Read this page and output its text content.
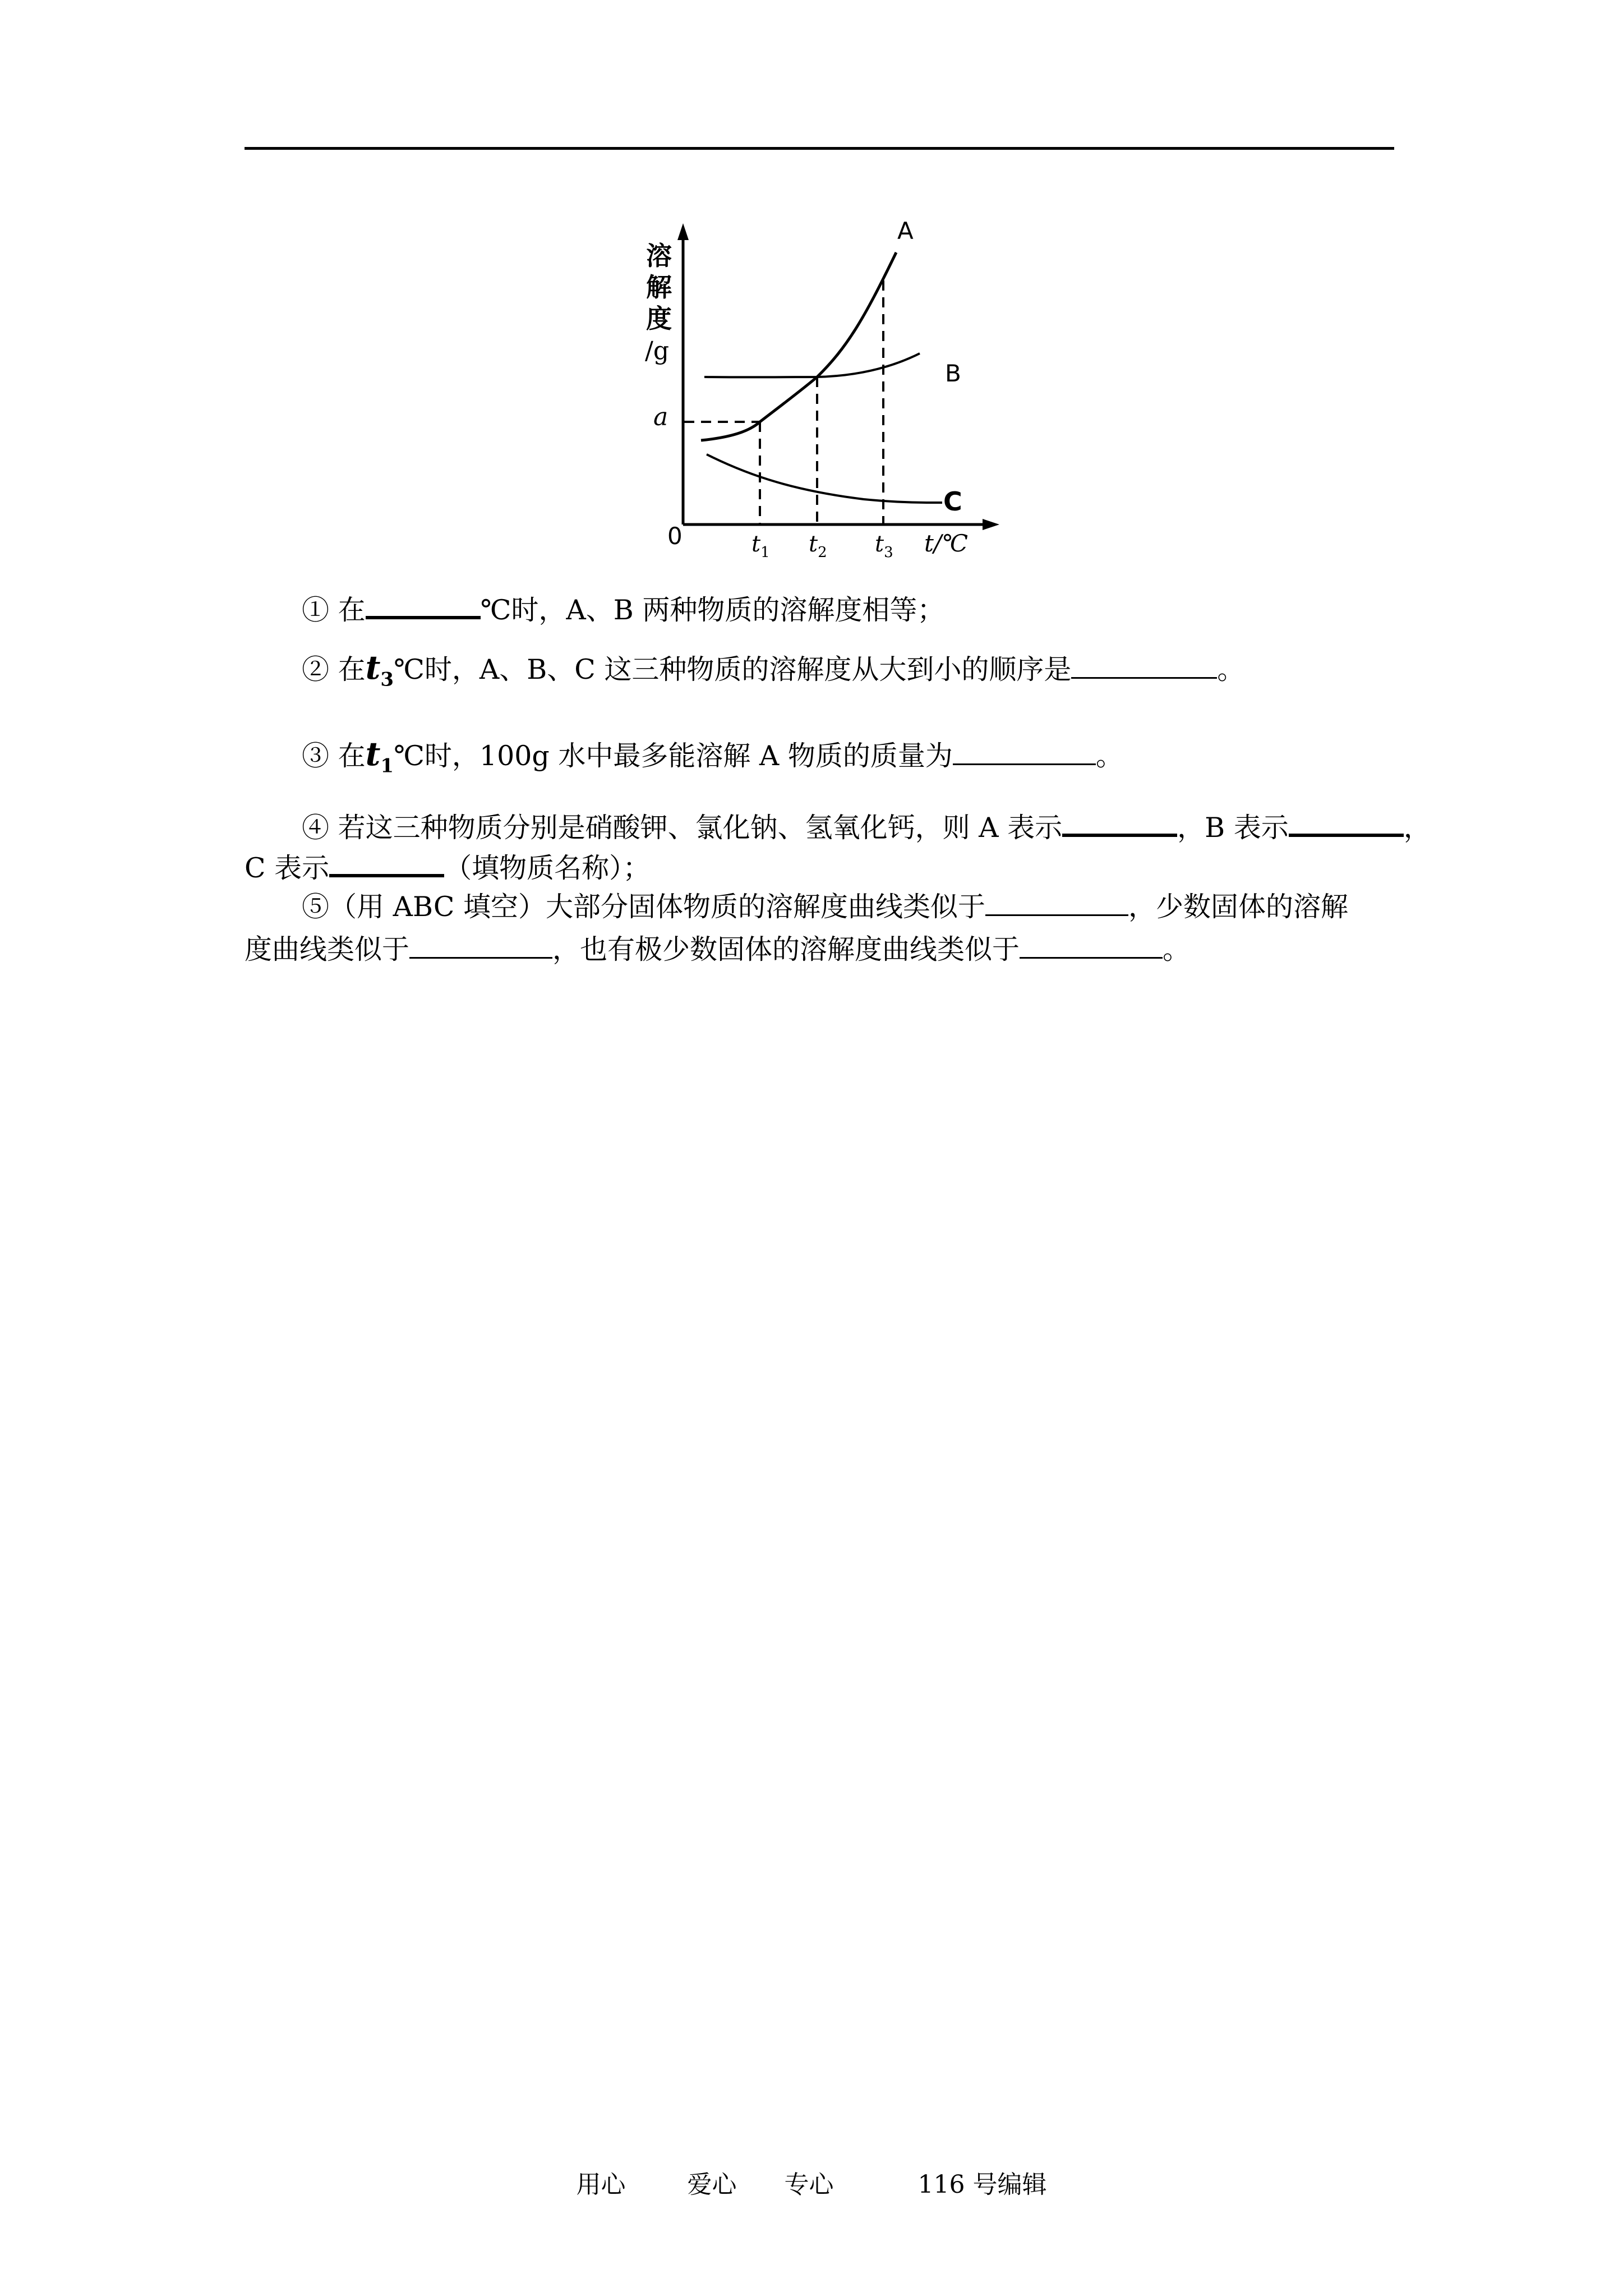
溶
解
度
/g
a
A
B
C
0	$t_1$ $t_2$ $t_3$ t/℃
① 在	℃时，A、B 两种物质的溶解度相等；
② 在$t_3℃$时，A、B、C 这三种物质的溶解度从大到小的顺序是	。
③ 在$t_1℃$时，100g 水中最多能溶解 A 物质的质量为	。
④ 若这三种物质分别是硝酸钾、氯化钠、氢氧化钙，则 A 表示	，B 表示	，
C 表示	（填物质名称）；
⑤（用 ABC 填空）大部分固体物质的溶解度曲线类似于	，少数固体的溶解
度曲线类似于	，也有极少数固体的溶解度曲线类似于	。
用心	爱心 专心	116 号编辑
